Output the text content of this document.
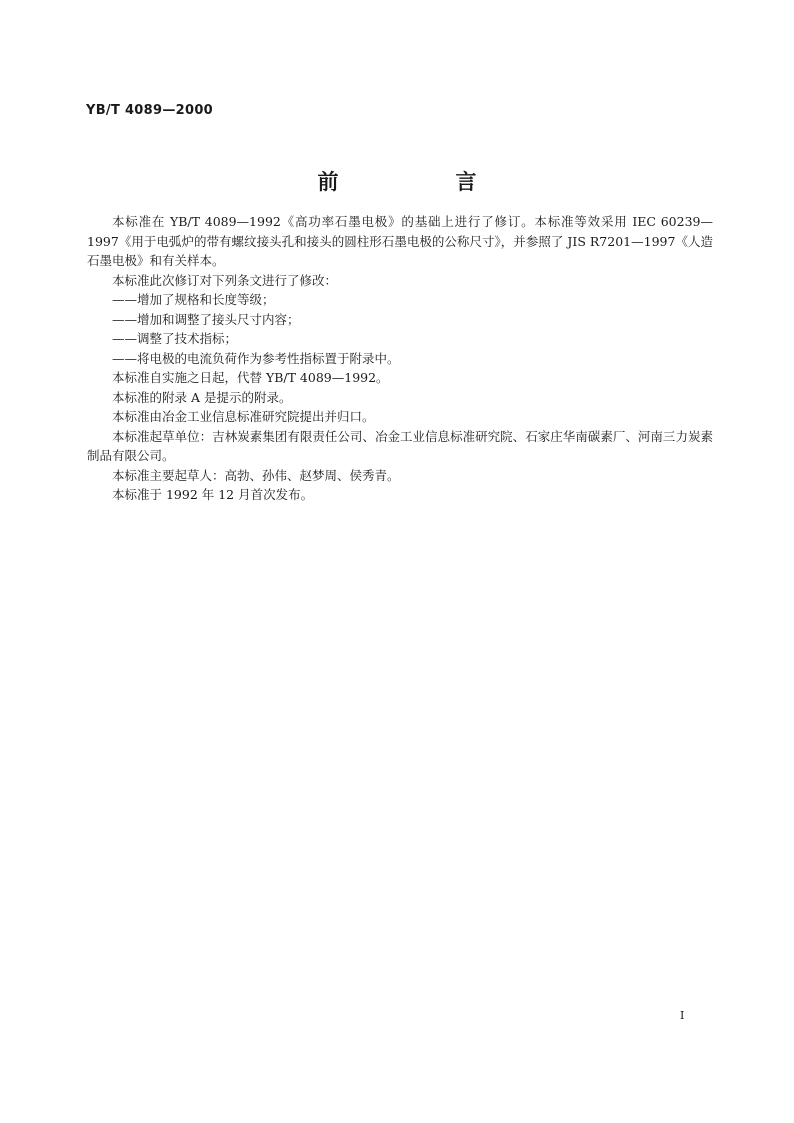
YB/T 4089—2000
前　言

本标准在 YB/T 4089—1992《高功率石墨电极》的基础上进行了修订。本标准等效采用 IEC 60239—1997《用于电弧炉的带有螺纹接头孔和接头的圆柱形石墨电极的公称尺寸》，并参照了 JIS R7201—1997《人造石墨电极》和有关样本。

本标准此次修订对下列条文进行了修改：

——增加了规格和长度等级；

——增加和调整了接头尺寸内容；

——调整了技术指标；

——将电极的电流负荷作为参考性指标置于附录中。

本标准自实施之日起，代替 YB/T 4089—1992。

本标准的附录 A 是提示的附录。

本标准由冶金工业信息标准研究院提出并归口。

本标准起草单位：吉林炭素集团有限责任公司、冶金工业信息标准研究院、石家庄华南碳素厂、河南三力炭素制品有限公司。

本标准主要起草人：高勃、孙伟、赵梦周、侯秀青。

本标准于 1992 年 12 月首次发布。

I
